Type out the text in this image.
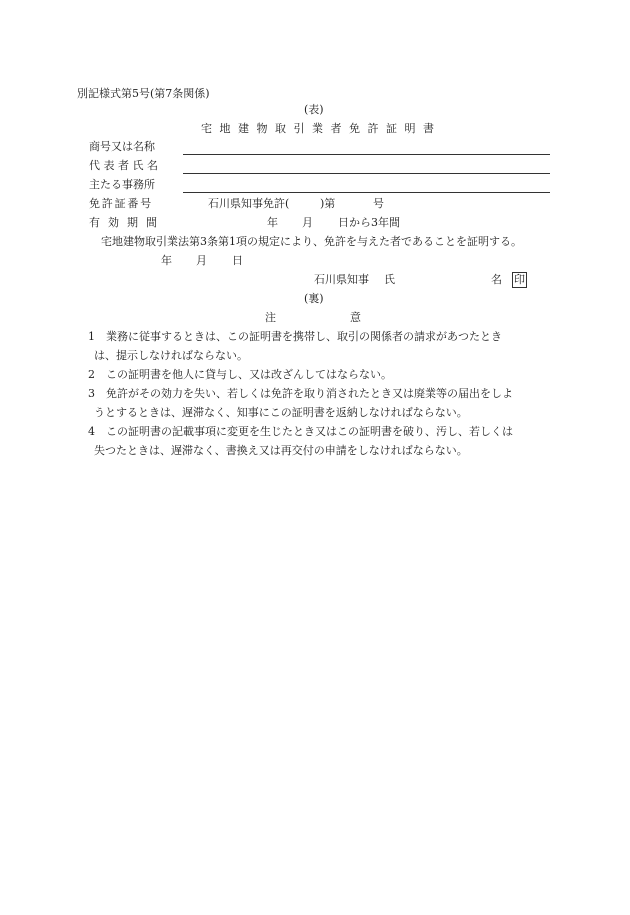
別記様式第5号(第7条関係)
(表)
宅地建物取引業者免許証明書
商号又は名称
代表者氏名
主たる事務所
免許証番号	石川県知事免許(	)第	号
有効期間	年 月 日から3年間
宅地建物取引業法第3条第1項の規定により、免許を与えた者であることを証明する。
年 月 日
石川県知事 氏	名 印
(裏)
注	意
1 業務に従事するときは、この証明書を携帯し、取引の関係者の請求があつたとき
は、提示しなければならない。
2 この証明書を他人に貸与し、又は改ざんしてはならない。
3 免許がその効力を失い、若しくは免許を取り消されたとき又は廃業等の届出をしよ
うとするときは、遅滞なく、知事にこの証明書を返納しなければならない。
4 この証明書の記載事項に変更を生じたとき又はこの証明書を破り、汚し、若しくは
失つたときは、遅滞なく、書換え又は再交付の申請をしなければならない。
